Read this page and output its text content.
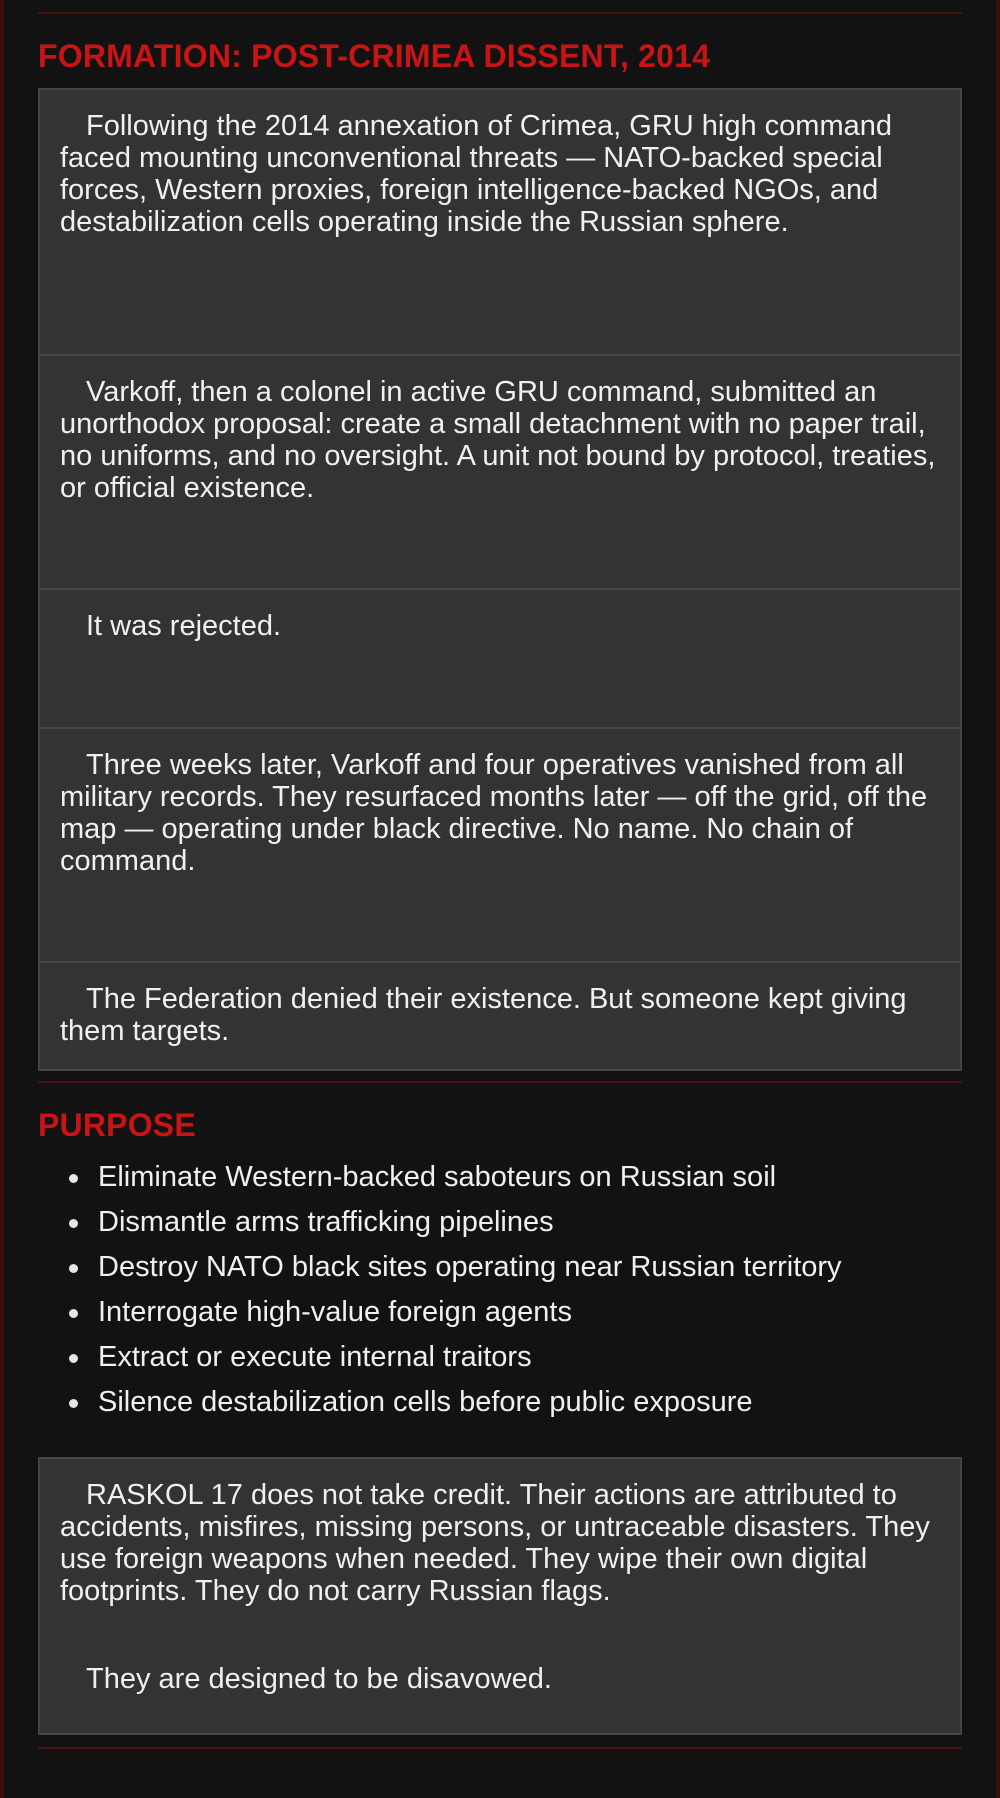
FORMATION: POST-CRIMEA DISSENT, 2014
Following the 2014 annexation of Crimea, GRU high command faced mounting unconventional threats — NATO-backed special forces, Western proxies, foreign intelligence-backed NGOs, and destabilization cells operating inside the Russian sphere.
Varkoff, then a colonel in active GRU command, submitted an unorthodox proposal: create a small detachment with no paper trail, no uniforms, and no oversight. A unit not bound by protocol, treaties, or official existence.
It was rejected.
Three weeks later, Varkoff and four operatives vanished from all military records. They resurfaced months later — off the grid, off the map — operating under black directive. No name. No chain of command.
The Federation denied their existence. But someone kept giving them targets.
PURPOSE
Eliminate Western-backed saboteurs on Russian soil
Dismantle arms trafficking pipelines
Destroy NATO black sites operating near Russian territory
Interrogate high-value foreign agents
Extract or execute internal traitors
Silence destabilization cells before public exposure
RASKOL 17 does not take credit. Their actions are attributed to accidents, misfires, missing persons, or untraceable disasters. They use foreign weapons when needed. They wipe their own digital footprints. They do not carry Russian flags.
They are designed to be disavowed.
